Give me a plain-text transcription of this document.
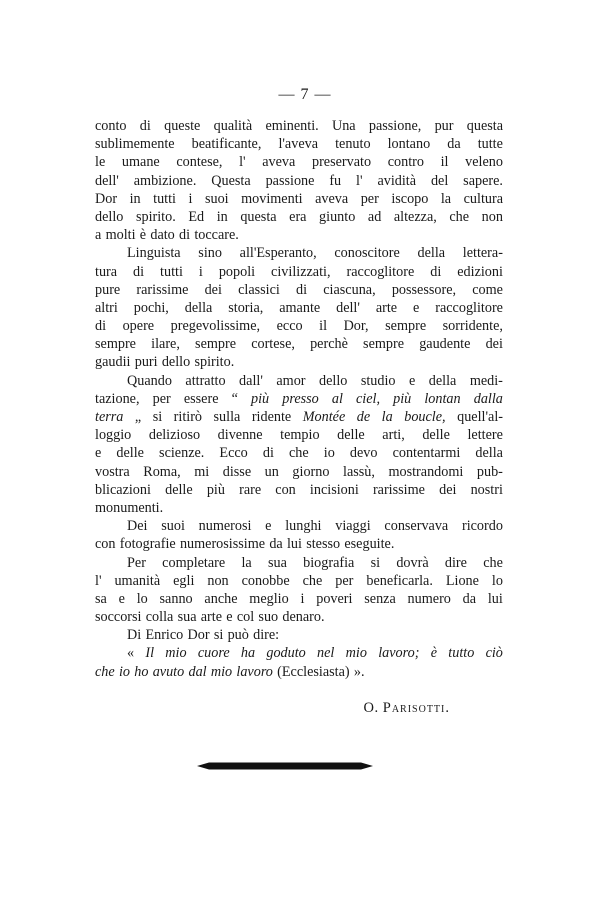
— 7 —
conto di queste qualità eminenti. Una passione, pur questa
sublimemente beatificante, l'aveva tenuto lontano da tutte
le umane contese, l' aveva preservato contro il veleno
dell' ambizione. Questa passione fu l' avidità del sapere.
Dor in tutti i suoi movimenti aveva per iscopo la cultura
dello spirito. Ed in questa era giunto ad altezza, che non
a molti è dato di toccare.
Linguista sino all'Esperanto, conoscitore della lettera-
tura di tutti i popoli civilizzati, raccoglitore di edizioni
pure rarissime dei classici di ciascuna, possessore, come
altri pochi, della storia, amante dell' arte e raccoglitore
di opere pregevolissime, ecco il Dor, sempre sorridente,
sempre ilare, sempre cortese, perchè sempre gaudente dei
gaudii puri dello spirito.
Quando attratto dall' amor dello studio e della medi-
tazione, per essere “ più presso al ciel, più lontan dalla
terra „ si ritirò sulla ridente Montée de la boucle, quell'al-
loggio delizioso divenne tempio delle arti, delle lettere
e delle scienze. Ecco di che io devo contentarmi della
vostra Roma, mi disse un giorno lassù, mostrandomi pub-
blicazioni delle più rare con incisioni rarissime dei nostri
monumenti.
Dei suoi numerosi e lunghi viaggi conservava ricordo
con fotografie numerosissime da lui stesso eseguite.
Per completare la sua biografia si dovrà dire che
l' umanità egli non conobbe che per beneficarla. Lione lo
sa e lo sanno anche meglio i poveri senza numero da lui
soccorsi colla sua arte e col suo denaro.
Di Enrico Dor si può dire:
« Il mio cuore ha goduto nel mio lavoro; è tutto ciò
che io ho avuto dal mio lavoro (Ecclesiasta) ».
O. Parisotti.
